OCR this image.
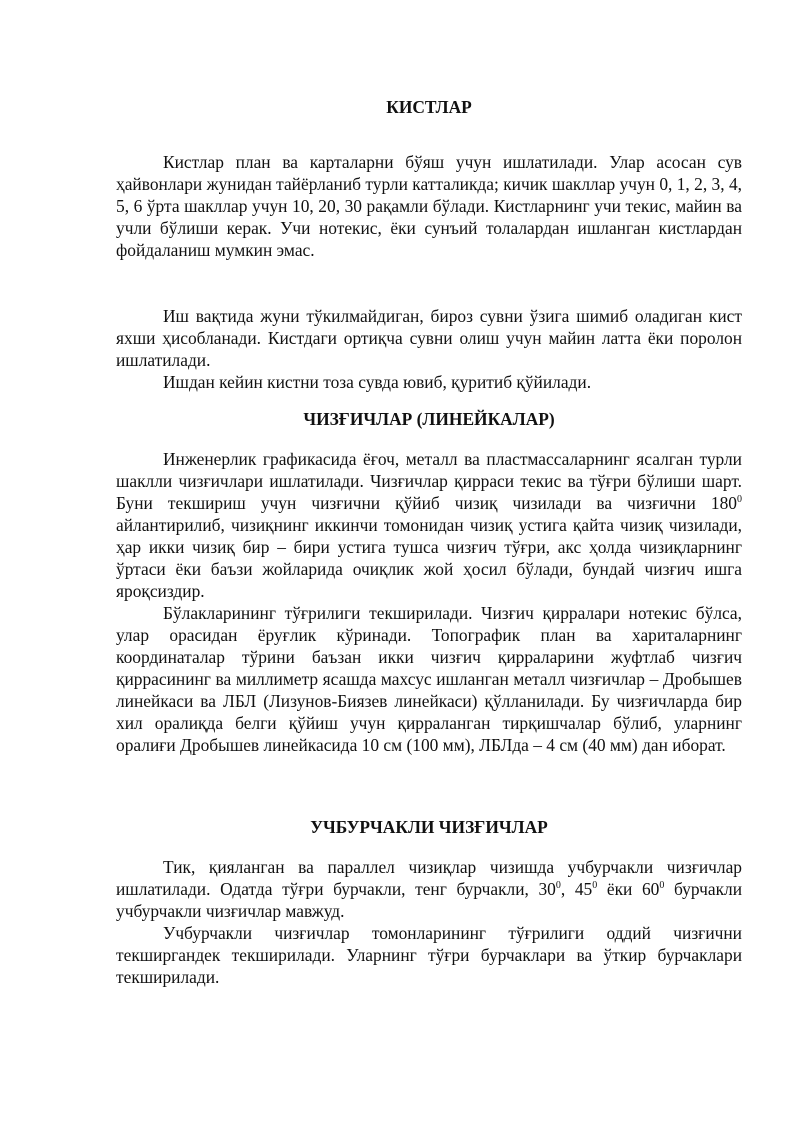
КИСТЛАР

Кистлар план ва карталарни бўяш учун ишлатилади. Улар асосан сув ҳайвонлари жунидан тайёрланиб турли катталикда; кичик шакллар учун 0, 1, 2, 3, 4, 5, 6 ўрта шакллар учун 10, 20, 30 рақамли бўлади. Кистларнинг учи текис, майин ва учли бўлиши керак. Учи нотекис, ёки сунъий толалардан ишланган кистлардан фойдаланиш мумкин эмас.

Иш вақтида жуни тўкилмайдиган, бироз сувни ўзига шимиб оладиган кист яхши ҳисобланади. Кистдаги ортиқча сувни олиш учун майин латта ёки поролон ишлатилади.

Ишдан кейин кистни тоза сувда ювиб, қуритиб қўйилади.

ЧИЗҒИЧЛАР (ЛИНЕЙКАЛАР)

Инженерлик графикасида ёғоч, металл ва пластмассаларнинг ясалган турли шаклли чизғичлари ишлатилади. Чизғичлар қирраси текис ва тўғри бўлиши шарт. Буни текшириш учун чизғични қўйиб чизиқ чизилади ва чизғични $180^0$ айлантирилиб, чизиқнинг иккинчи томонидан чизиқ устига қайта чизиқ чизилади, ҳар икки чизиқ бир – бири устига тушса чизғич тўғри, акс ҳолда чизиқларнинг ўртаси ёки баъзи жойларида очиқлик жой ҳосил бўлади, бундай чизғич ишга яроқсиздир.

Бўлакларининг тўғрилиги текширилади. Чизғич қирралари нотекис бўлса, улар орасидан ёруғлик кўринади. Топографик план ва хариталарнинг координаталар тўрини баъзан икки чизғич қирраларини жуфтлаб чизғич қиррасининг ва миллиметр ясашда махсус ишланган металл чизғичлар – Дробышев линейкаси ва ЛБЛ (Лизунов-Биязев линейкаси) қўлланилади. Бу чизғичларда бир хил оралиқда белги қўйиш учун қирраланган тирқишчалар бўлиб, уларнинг оралиғи Дробышев линейкасида 10 см (100 мм), ЛБЛда – 4 см (40 мм) дан иборат.

УЧБУРЧАКЛИ ЧИЗҒИЧЛАР

Тик, қияланган ва параллел чизиқлар чизишда учбурчакли чизғичлар ишлатилади. Одатда тўғри бурчакли, тенг бурчакли, $30^0$, $45^0$ ёки $60^0$ бурчакли учбурчакли чизғичлар мавжуд.

Учбурчакли чизғичлар томонларининг тўғрилиги оддий чизғични текширгандек текширилади. Уларнинг тўғри бурчаклари ва ўткир бурчаклари текширилади.
